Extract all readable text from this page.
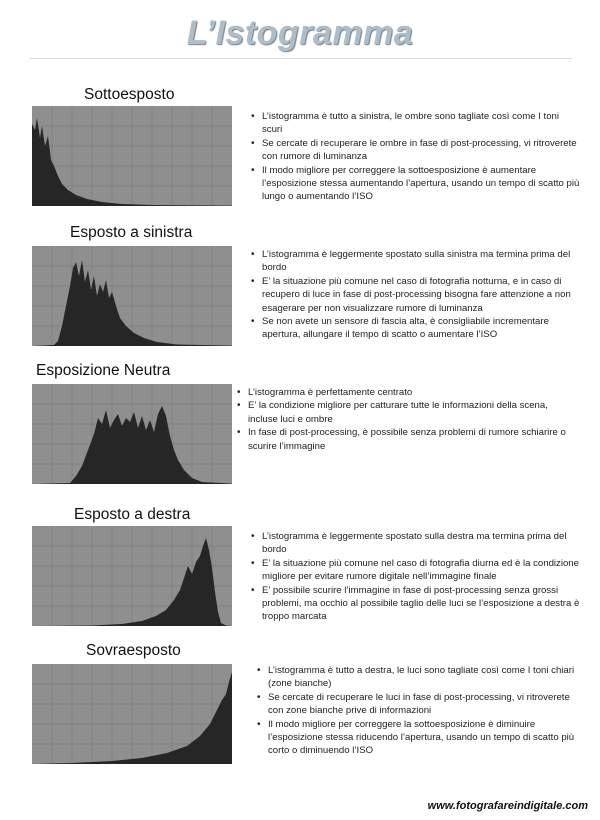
L’Istogramma
Sottoesposto
• L’istogramma è tutto a sinistra, le ombre sono tagliate così come I toni scuri
• Se cercate di recuperare le ombre in fase di post-processing, vi ritroverete con rumore di luminanza
• Il modo migliore per correggere la sottoesposizione è aumentare l’esposizione stessa aumentando l’apertura, usando un tempo di scatto più lungo o aumentando l’ISO
Esposto a sinistra
• L’istogramma è leggermente spostato sulla sinistra ma termina prima del bordo
• E’ la situazione più comune nel caso di fotografia notturna, e in caso di recupero di luce in fase di post-processing bisogna fare attenzione a non esagerare per non visualizzare rumore di luminanza
• Se non avete un sensore di fascia alta, è consigliabile incrementare apertura, allungare il tempo di scatto o aumentare l’ISO
Esposizione Neutra
• L’istogramma è perfettamente centrato
• E’ la condizione migliore per catturare tutte le informazioni della scena, incluse luci e ombre
• In fase di post-processing, è possibile senza problemi di rumore schiarire o scurire l’immagine
Esposto a destra
• L’istogramma è leggermente spostato sulla destra ma termina prima del bordo
• E’ la situazione più comune nel caso di fotografia diurna ed è la condizione migliore per evitare rumore digitale nell’immagine finale
• E’ possibile scurire l’immagine in fase di post-processing senza grossi problemi, ma occhio al possibile taglio delle luci se l’esposizione a destra è troppo marcata
Sovraesposto
• L’istogramma è tutto a destra, le luci sono tagliate così come I toni chiari (zone bianche)
• Se cercate di recuperare le luci in fase di post-processing, vi ritroverete con zone bianche prive di informazioni
• Il modo migliore per correggere la sottoesposizione è diminuire l’esposizione stessa riducendo l’apertura, usando un tempo di scatto più corto o diminuendo l’ISO
www.fotografareindigitale.com
